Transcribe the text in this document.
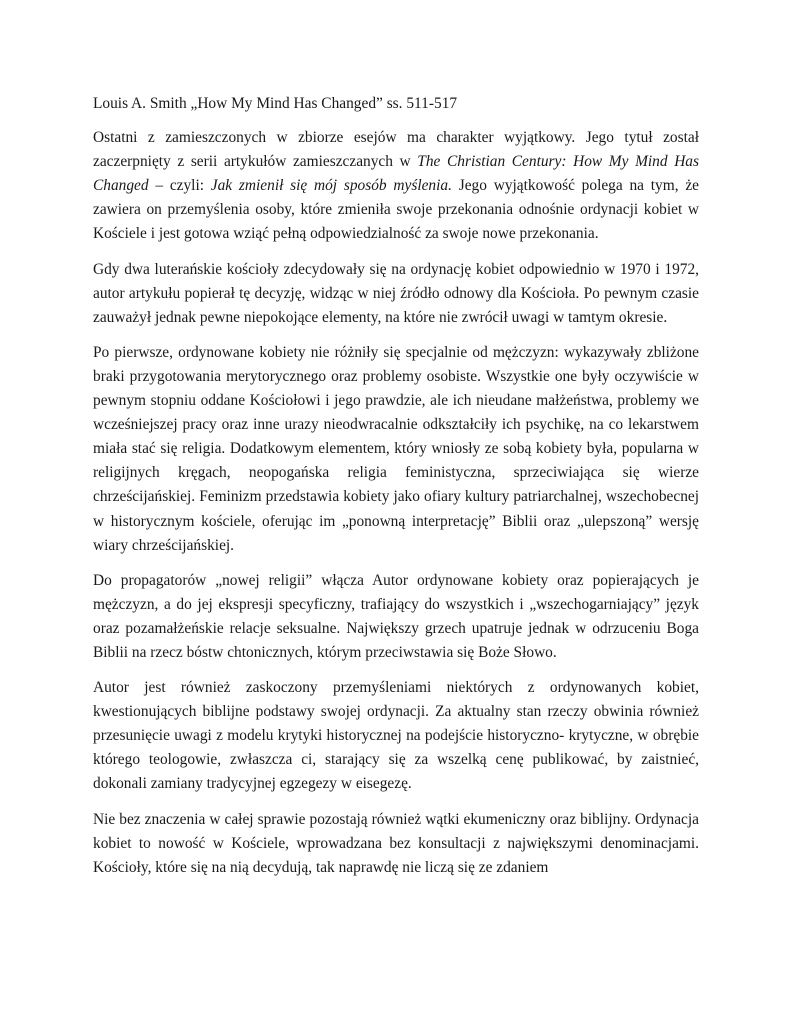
Louis A. Smith „How My Mind Has Changed” ss. 511-517

Ostatni z zamieszczonych w zbiorze esejów ma charakter wyjątkowy. Jego tytuł został zaczerpnięty z serii artykułów zamieszczanych w The Christian Century: How My Mind Has Changed – czyli: Jak zmienił się mój sposób myślenia. Jego wyjątkowość polega na tym, że zawiera on przemyślenia osoby, które zmieniła swoje przekonania odnośnie ordynacji kobiet w Kościele i jest gotowa wziąć pełną odpowiedzialność za swoje nowe przekonania.

Gdy dwa luterańskie kościoły zdecydowały się na ordynację kobiet odpowiednio w 1970 i 1972, autor artykułu popierał tę decyzję, widząc w niej źródło odnowy dla Kościoła. Po pewnym czasie zauważył jednak pewne niepokojące elementy, na które nie zwrócił uwagi w tamtym okresie.

Po pierwsze, ordynowane kobiety nie różniły się specjalnie od mężczyzn: wykazywały zbliżone braki przygotowania merytorycznego oraz problemy osobiste. Wszystkie one były oczywiście w pewnym stopniu oddane Kościołowi i jego prawdzie, ale ich nieudane małżeństwa, problemy we wcześniejszej pracy oraz inne urazy nieodwracalnie odkształciły ich psychikę, na co lekarstwem miała stać się religia. Dodatkowym elementem, który wniosły ze sobą kobiety była, popularna w religijnych kręgach, neopogańska religia feministyczna, sprzeciwiająca się wierze chrześcijańskiej. Feminizm przedstawia kobiety jako ofiary kultury patriarchalnej, wszechobecnej w historycznym kościele, oferując im „ponowną interpretację” Biblii oraz „ulepszoną” wersję wiary chrześcijańskiej.

Do propagatorów „nowej religii” włącza Autor ordynowane kobiety oraz popierających je mężczyzn, a do jej ekspresji specyficzny, trafiający do wszystkich i „wszechogarniający” język oraz pozamałżeńskie relacje seksualne. Największy grzech upatruje jednak w odrzuceniu Boga Biblii na rzecz bóstw chtonicznych, którym przeciwstawia się Boże Słowo.

Autor jest również zaskoczony przemyśleniami niektórych z ordynowanych kobiet, kwestionujących biblijne podstawy swojej ordynacji. Za aktualny stan rzeczy obwinia również przesunięcie uwagi z modelu krytyki historycznej na podejście historyczno- krytyczne, w obrębie którego teologowie, zwłaszcza ci, starający się za wszelką cenę publikować, by zaistnieć, dokonali zamiany tradycyjnej egzegezy w eisegezę.

Nie bez znaczenia w całej sprawie pozostają również wątki ekumeniczny oraz biblijny. Ordynacja kobiet to nowość w Kościele, wprowadzana bez konsultacji z największymi denominacjami. Kościoły, które się na nią decydują, tak naprawdę nie liczą się ze zdaniem
